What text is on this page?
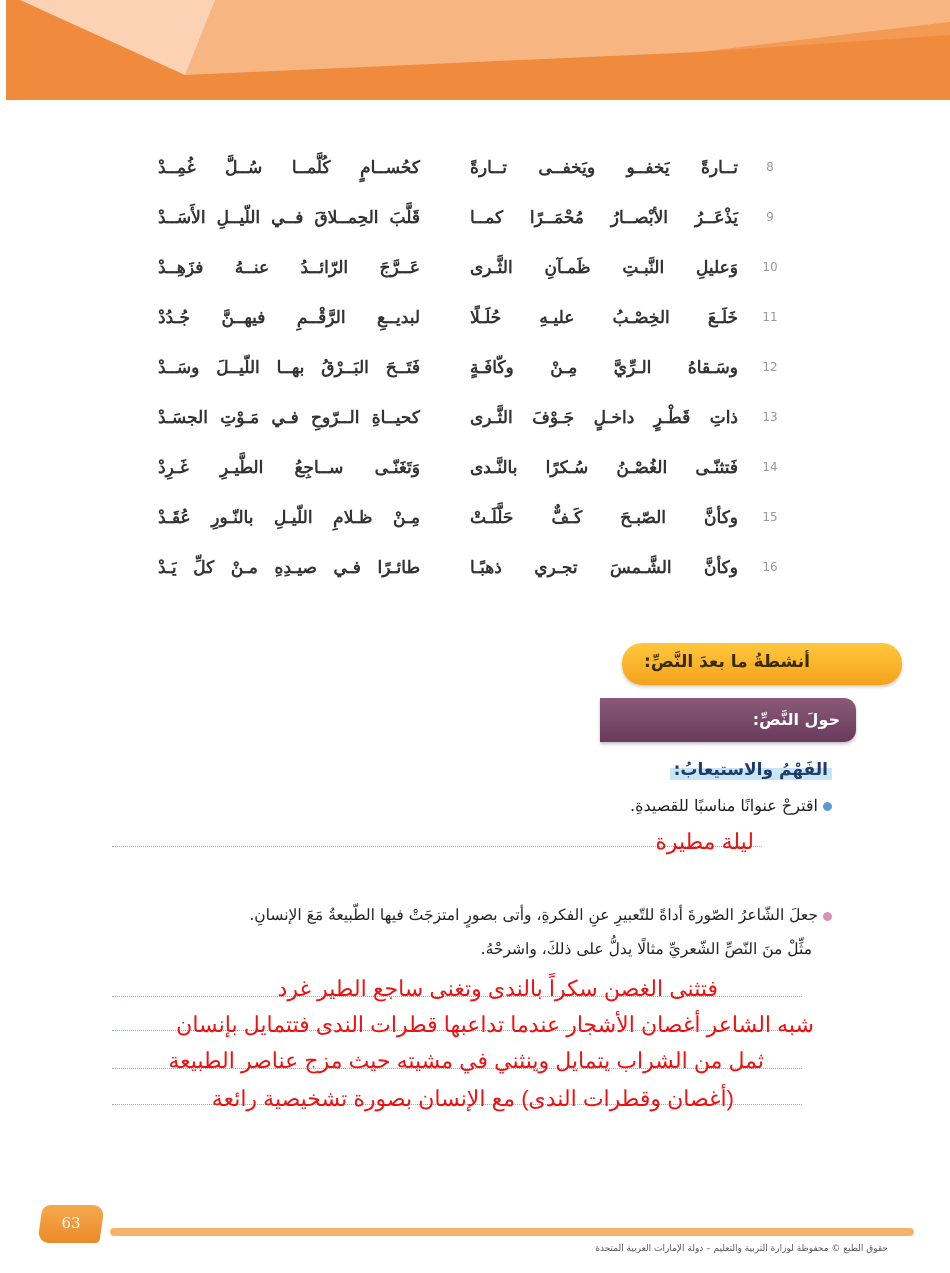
8
تــارةً يَخفــو ويَخفــى تــارةً
كحُســامٍ كُلَّمــا سُــلَّ غُمِــدْ
9
يَذْعَــرُ الأبْصــارُ مُحْمَــرًا كمــا
قَلَّبَ الحِمــلاقَ فــي اللّيــلِ الأَسَــدْ
10
وَعليلِ النَّبـتِ ظَمـآنِ الثَّـرى
عَــرَّجَ الرّائــدُ عنــهُ فزَهِــدْ
11
خَلَـعَ الخِصْـبُ عليـهِ حُلَـلًا
لبديــعِ الرَّقْــمِ فيهــنَّ جُـدُدْ
12
وسَـقاهُ الـرِّيَّ مِـنْ وكّافَـةٍ
فَتَــحَ البَــرْقُ بهــا اللّيــلَ وسَــدْ
13
ذاتِ قَطْـرٍ داخـلٍ جَـوْفَ الثَّـرى
كحيــاةِ الــرّوحِ فـي مَـوْتِ الجسَـدْ
14
فَتثنّـى الغُصْـنُ سُـكرًا بالنَّـدى
وَتَغَنّـى ســاجِعُ الطَّيـرِ غَـرِدْ
15
وكأنَّ الصّبـحَ كَـفٌّ حَلَّلَـتْ
مِـنْ ظـلامِ اللّيـلِ بالنّـورِ عُقَـدْ
16
وكأنَّ الشَّـمسَ تجـري ذهبًـا
طائـرًا فـي صيـدِهِ مـنْ كلِّ يَـدْ
أنشطةُ ما بعدَ النَّصِّ:
حولَ النَّصِّ:
الفَهْمُ والاستيعابُ:
اقترحْ عنوانًا مناسبًا للقصيدةِ.
ليلة مطيرة
جعلَ الشّاعرُ الصّورةَ أداةً للتّعبيرِ عنِ الفكرةِ، وأتى بصورٍ امتزجَتْ فيها الطّبيعةُ مَعَ الإنسانِ.
مثِّلْ منَ النّصِّ الشّعريِّ مثالًا يدلُّ على ذلكَ، واشرحْهُ.
فتثنى الغصن سكراً بالندى وتغنى ساجع الطير غرد
شبه الشاعر أغصان الأشجار عندما تداعبها قطرات الندى فتتمايل بإنسان
ثمل من الشراب يتمايل وينثني في مشيته حيث مزج عناصر الطبيعة
(أغصان وقطرات الندى) مع الإنسان بصورة تشخيصية رائعة
63
حقوق الطبع © محفوظة لوزارة التربية والتعليم – دولة الإمارات العربية المتحدة
